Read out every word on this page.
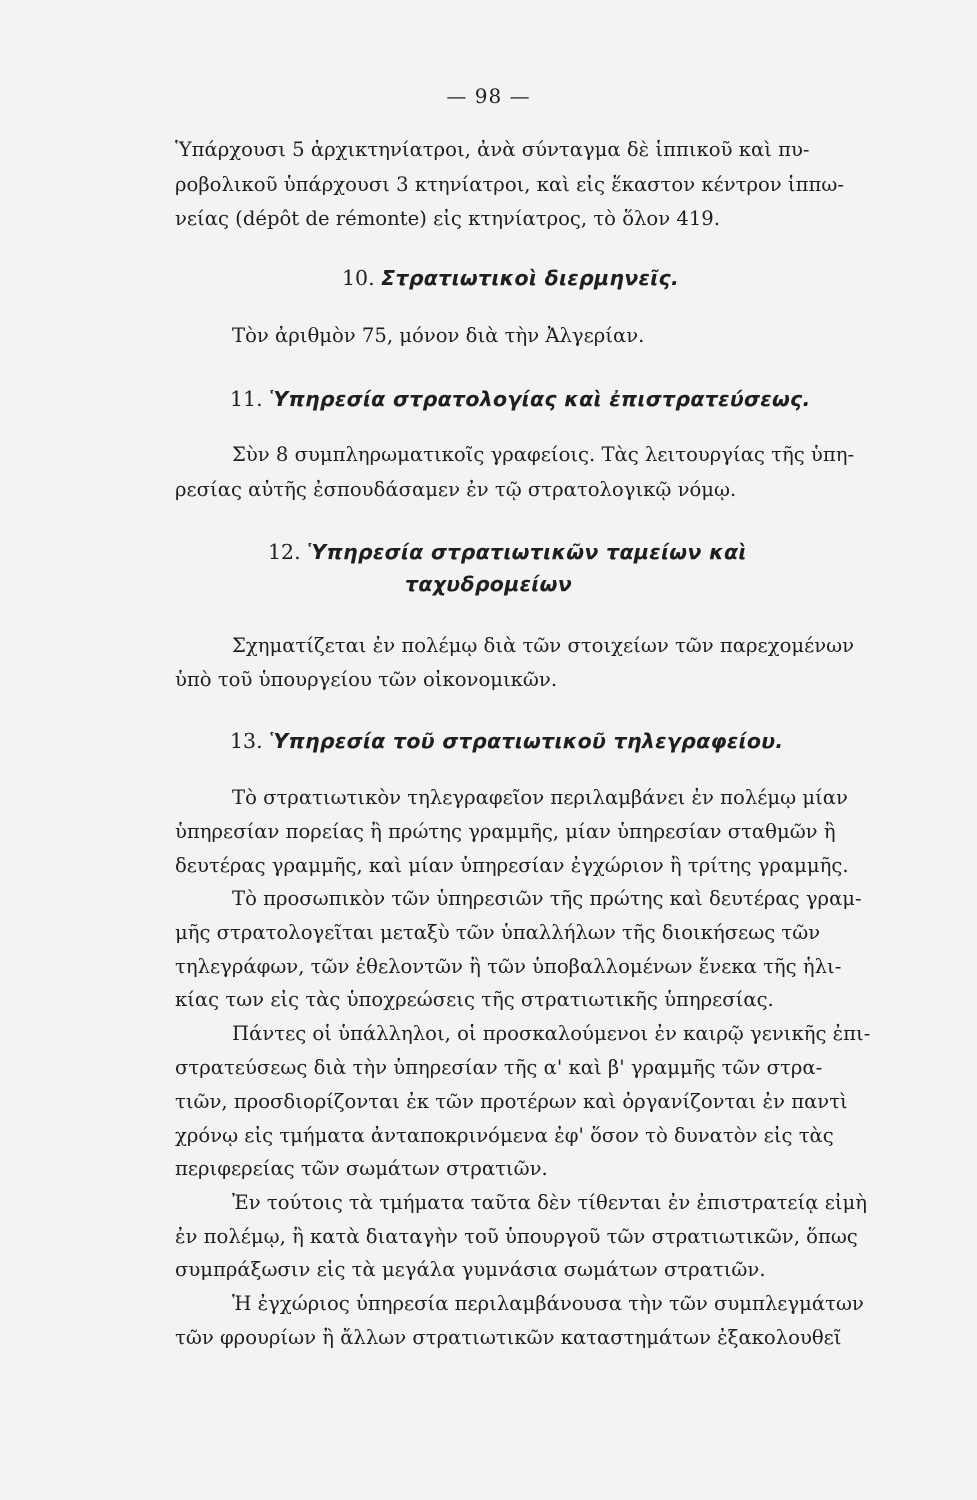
— 98 —
Ὑπάρχουσι 5 ἀρχικτηνίατροι, ἀνὰ σύνταγμα δὲ ἱππικοῦ καὶ πυ-
ροβολικοῦ ὑπάρχουσι 3 κτηνίατροι, καὶ εἰς ἕκαστον κέντρον ἱππω-
νείας (dépôt de rémonte) εἰς κτηνίατρος, τὸ ὅλον 419.
10. Στρατιωτικοὶ διερμηνεῖς.
Τὸν ἀριθμὸν 75, μόνον διὰ τὴν Ἀλγερίαν.
11. Ὑπηρεσία στρατολογίας καὶ ἐπιστρατεύσεως.
Σὺν 8 συμπληρωματικοῖς γραφείοις. Τὰς λειτουργίας τῆς ὑπη-
ρεσίας αὐτῆς ἐσπουδάσαμεν ἐν τῷ στρατολογικῷ νόμῳ.
12. Ὑπηρεσία στρατιωτικῶν ταμείων καὶ
ταχυδρομείων
Σχηματίζεται ἐν πολέμῳ διὰ τῶν στοιχείων τῶν παρεχομένων
ὑπὸ τοῦ ὑπουργείου τῶν οἰκονομικῶν.
13. Ὑπηρεσία τοῦ στρατιωτικοῦ τηλεγραφείου.
Τὸ στρατιωτικὸν τηλεγραφεῖον περιλαμβάνει ἐν πολέμῳ μίαν
ὑπηρεσίαν πορείας ἢ πρώτης γραμμῆς, μίαν ὑπηρεσίαν σταθμῶν ἢ
δευτέρας γραμμῆς, καὶ μίαν ὑπηρεσίαν ἐγχώριον ἢ τρίτης γραμμῆς.
Τὸ προσωπικὸν τῶν ὑπηρεσιῶν τῆς πρώτης καὶ δευτέρας γραμ-
μῆς στρατολογεῖται μεταξὺ τῶν ὑπαλλήλων τῆς διοικήσεως τῶν
τηλεγράφων, τῶν ἐθελοντῶν ἢ τῶν ὑποβαλλομένων ἕνεκα τῆς ἡλι-
κίας των εἰς τὰς ὑποχρεώσεις τῆς στρατιωτικῆς ὑπηρεσίας.
Πάντες οἱ ὑπάλληλοι, οἱ προσκαλούμενοι ἐν καιρῷ γενικῆς ἐπι-
στρατεύσεως διὰ τὴν ὑπηρεσίαν τῆς α' καὶ β' γραμμῆς τῶν στρα-
τιῶν, προσδιορίζονται ἐκ τῶν προτέρων καὶ ὀργανίζονται ἐν παντὶ
χρόνῳ εἰς τμήματα ἀνταποκρινόμενα ἐφ' ὅσον τὸ δυνατὸν εἰς τὰς
περιφερείας τῶν σωμάτων στρατιῶν.
Ἐν τούτοις τὰ τμήματα ταῦτα δὲν τίθενται ἐν ἐπιστρατείᾳ εἰμὴ
ἐν πολέμῳ, ἢ κατὰ διαταγὴν τοῦ ὑπουργοῦ τῶν στρατιωτικῶν, ὅπως
συμπράξωσιν εἰς τὰ μεγάλα γυμνάσια σωμάτων στρατιῶν.
Ἡ ἐγχώριος ὑπηρεσία περιλαμβάνουσα τὴν τῶν συμπλεγμάτων
τῶν φρουρίων ἢ ἄλλων στρατιωτικῶν καταστημάτων ἐξακολουθεῖ
